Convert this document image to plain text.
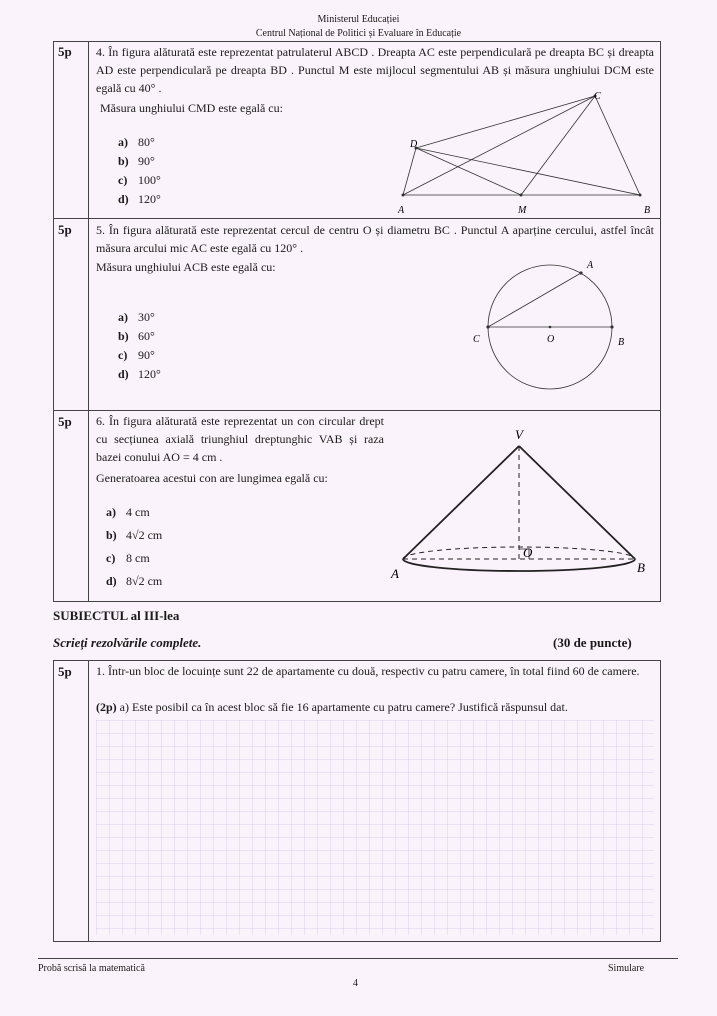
Ministerul Educației
Centrul Național de Politici și Evaluare în Educație
5p 4. În figura alăturată este reprezentat patrulaterul ABCD . Dreapta AC este perpendiculară pe dreapta BC și dreapta AD este perpendiculară pe dreapta BD . Punctul M este mijlocul segmentului AB și măsura unghiului DCM este egală cu 40° .
Măsura unghiului CMD este egală cu:
a) 80°
b) 90°
c) 100°
d) 120°
A	B
C
D
M
5p 5. În figura alăturată este reprezentat cercul de centru O și diametru BC . Punctul A aparține cercului, astfel încât măsura arcului mic AC este egală cu 120° .
Măsura unghiului ACB este egală cu:
a) 30°
b) 60°
c) 90°
d) 120°
A
B
C	O
5p 6. În figura alăturată este reprezentat un con circular drept cu secțiunea axială triunghiul dreptunghic VAB și raza bazei conului AO = 4 cm .
Generatoarea acestui con are lungimea egală cu:
a) 4 cm
b) 4√2 cm
c) 8 cm
d) 8√2 cm
V
O
A	B
SUBIECTUL al III-lea
Scrieți rezolvările complete.	(30 de puncte)
5p 1. Într-un bloc de locuințe sunt 22 de apartamente cu două, respectiv cu patru camere, în total fiind 60 de camere.
(2p) a) Este posibil ca în acest bloc să fie 16 apartamente cu patru camere? Justifică răspunsul dat.
Probă scrisă la matematică
4
Simulare
